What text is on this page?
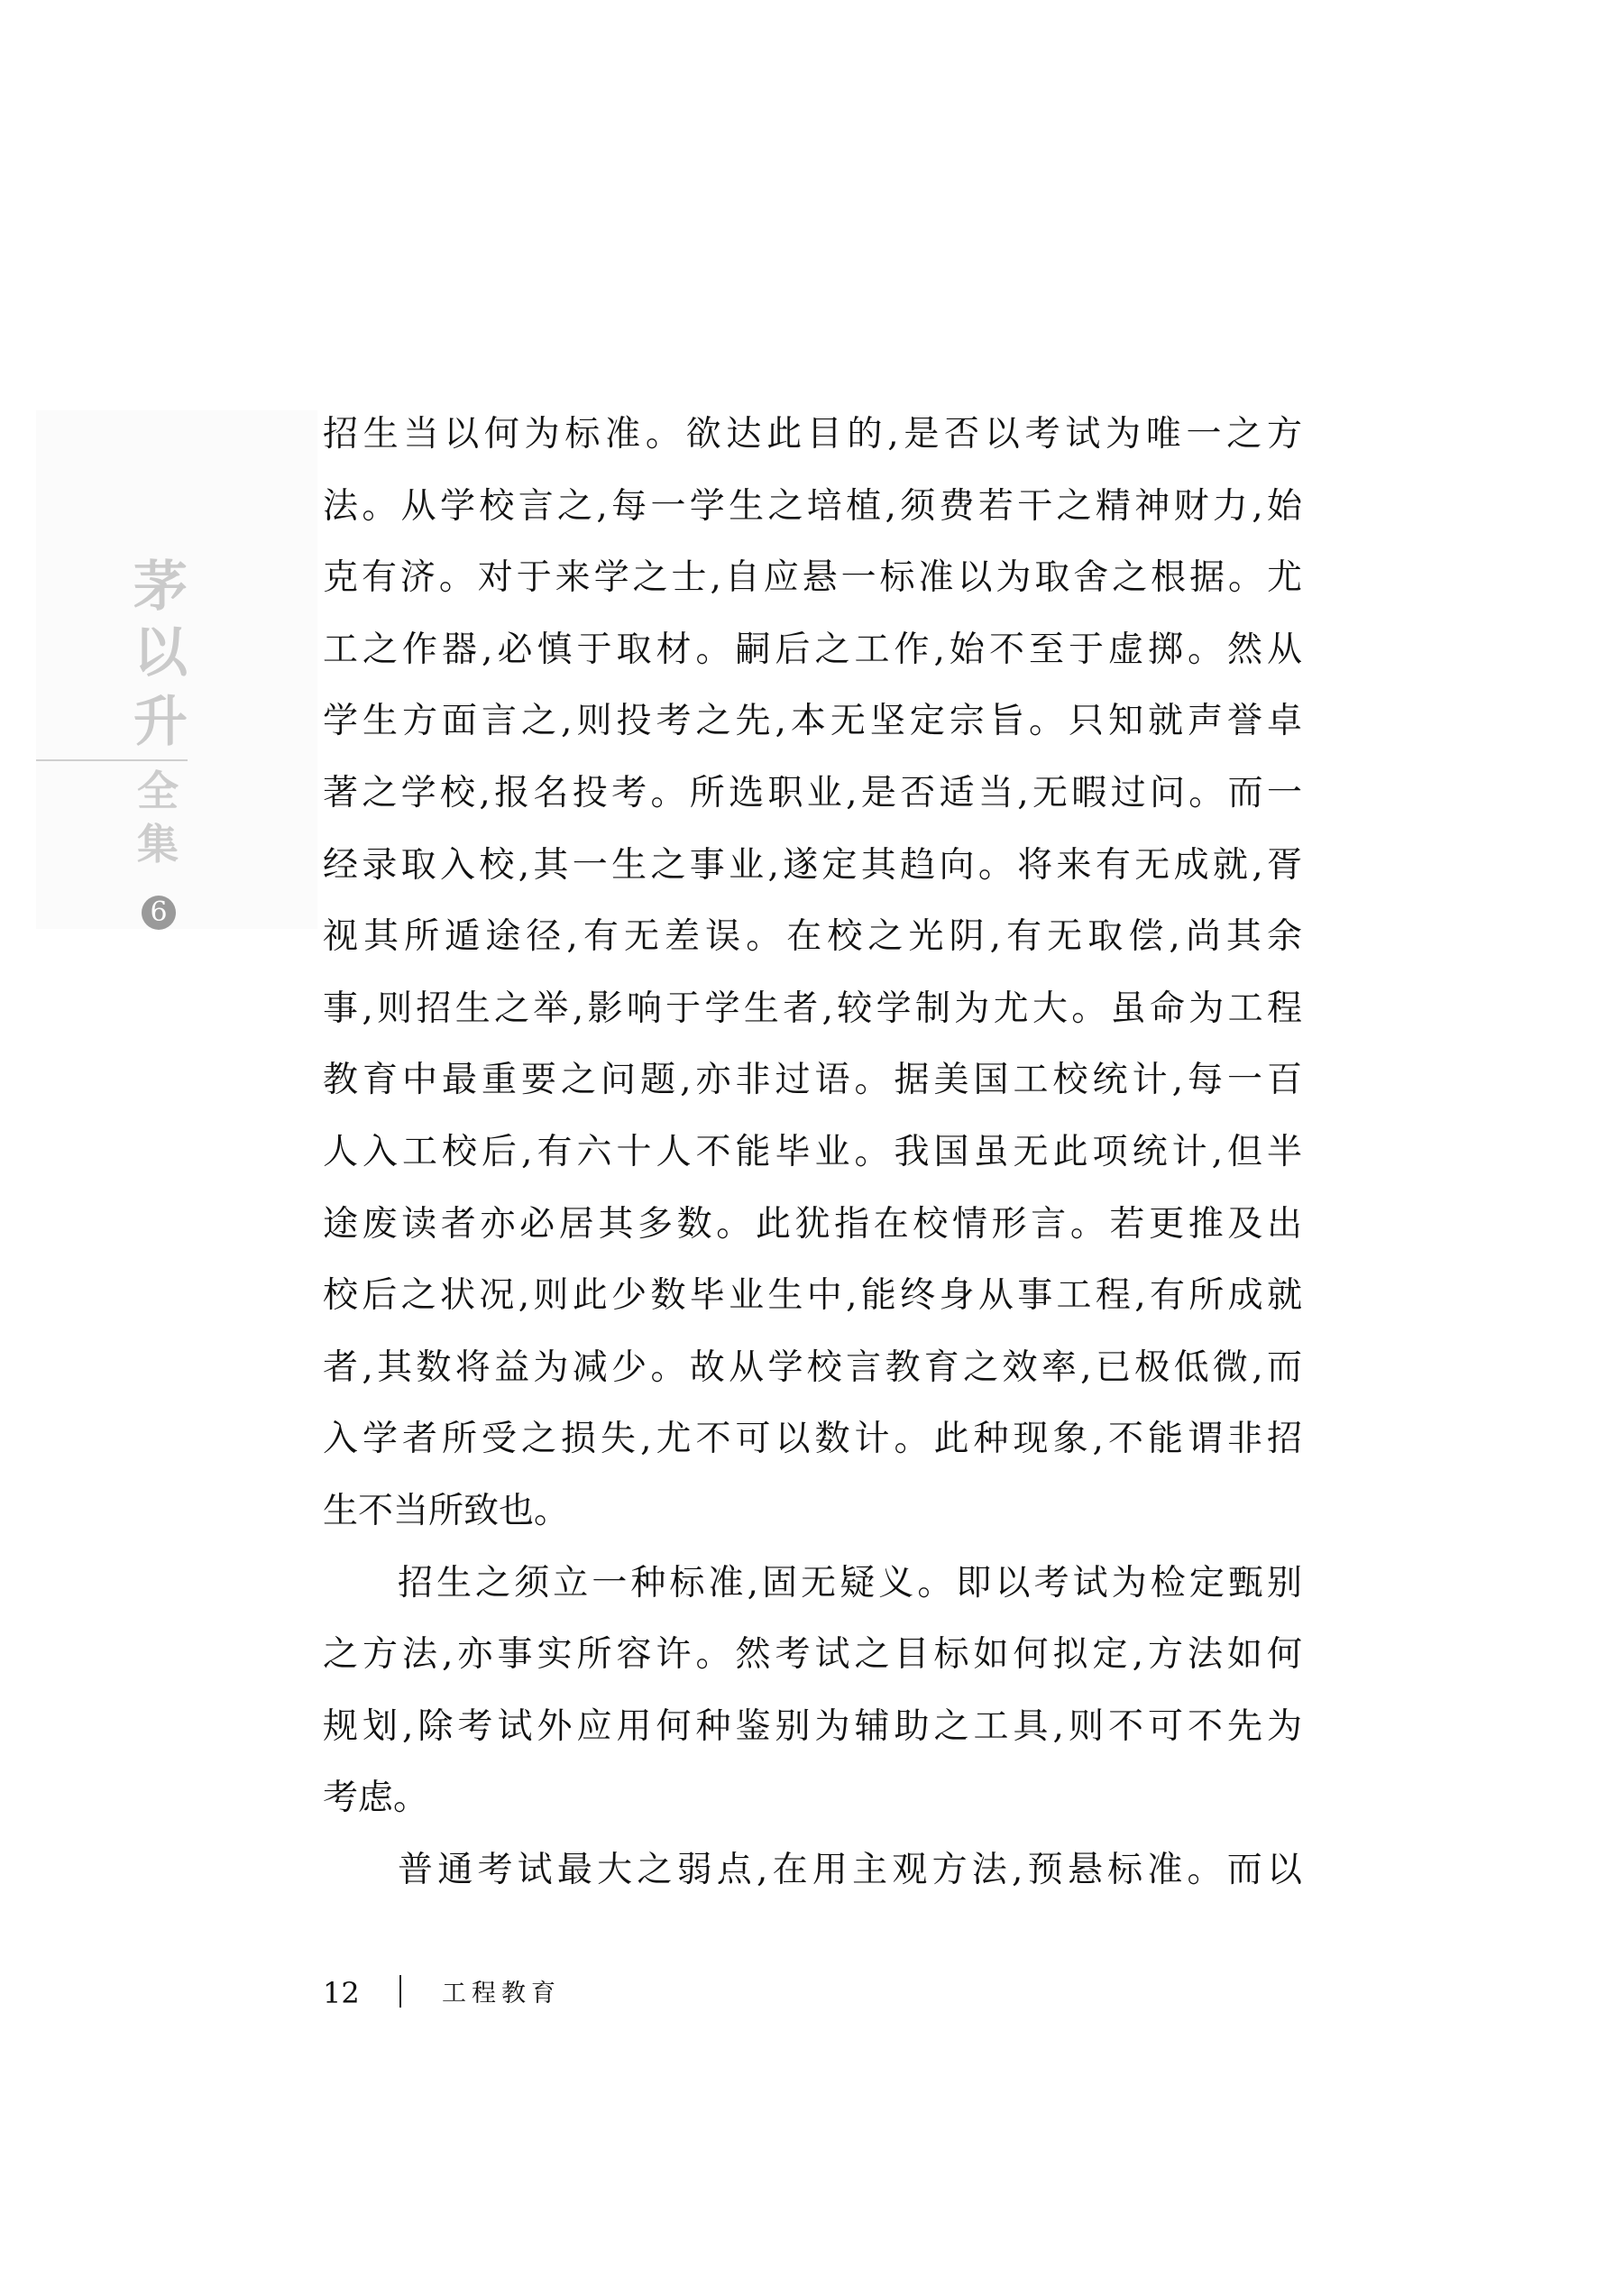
茅
以
升
全
集
6
招生当以何为标准。欲达此目的,是否以考试为唯一之方
法。从学校言之,每一学生之培植,须费若干之精神财力,始
克有济。对于来学之士,自应悬一标准以为取舍之根据。尤
工之作器,必慎于取材。嗣后之工作,始不至于虚掷。然从
学生方面言之,则投考之先,本无坚定宗旨。只知就声誉卓
著之学校,报名投考。所选职业,是否适当,无暇过问。而一
经录取入校,其一生之事业,遂定其趋向。将来有无成就,胥
视其所遁途径,有无差误。在校之光阴,有无取偿,尚其余
事,则招生之举,影响于学生者,较学制为尤大。虽命为工程
教育中最重要之问题,亦非过语。据美国工校统计,每一百
人入工校后,有六十人不能毕业。我国虽无此项统计,但半
途废读者亦必居其多数。此犹指在校情形言。若更推及出
校后之状况,则此少数毕业生中,能终身从事工程,有所成就
者,其数将益为减少。故从学校言教育之效率,已极低微,而
入学者所受之损失,尤不可以数计。此种现象,不能谓非招
生不当所致也。
招生之须立一种标准,固无疑义。即以考试为检定甄别
之方法,亦事实所容许。然考试之目标如何拟定,方法如何
规划,除考试外应用何种鉴别为辅助之工具,则不可不先为
考虑。
普通考试最大之弱点,在用主观方法,预悬标准。而以
12	工程教育
